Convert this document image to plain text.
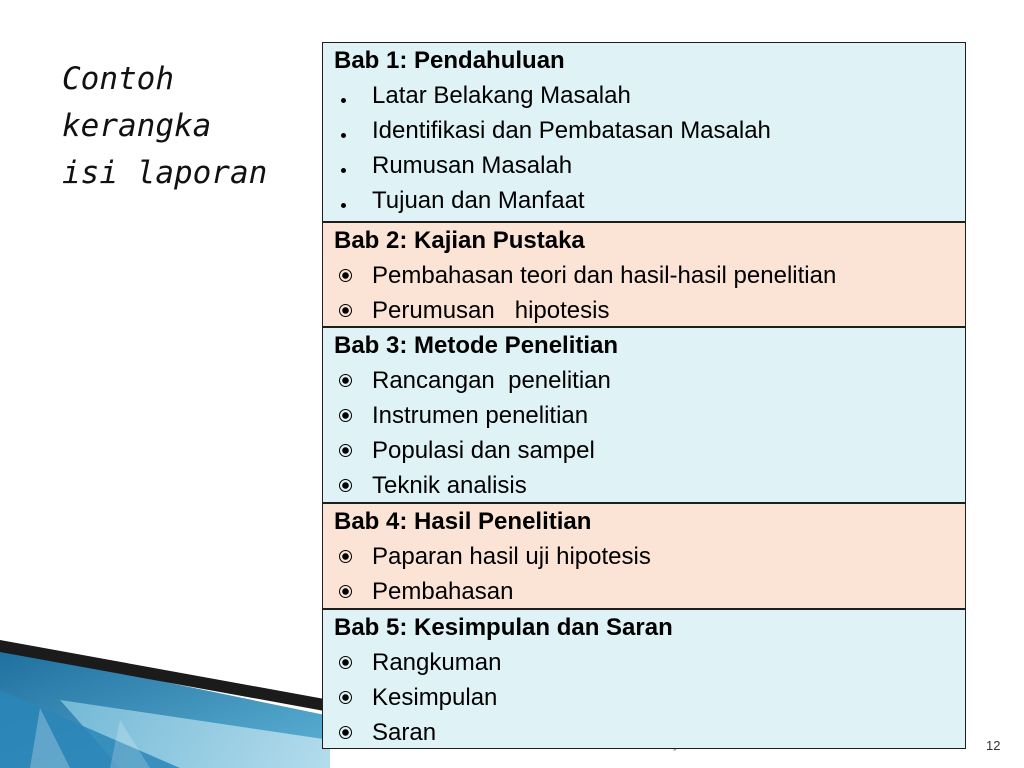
Contoh
kerangka
isi laporan
Bab 1: Pendahuluan
Latar Belakang Masalah
Identifikasi dan Pembatasan Masalah
Rumusan Masalah
Tujuan dan Manfaat
Bab 2: Kajian Pustaka
Pembahasan teori dan hasil-hasil penelitian
Perumusan   hipotesis
Bab 3: Metode Penelitian
Rancangan  penelitian
Instrumen penelitian
Populasi dan sampel
Teknik analisis
Bab 4: Hasil Penelitian
Paparan hasil uji hipotesis
Pembahasan
Bab 5: Kesimpulan dan Saran
Rangkuman
Kesimpulan
Saran	12
